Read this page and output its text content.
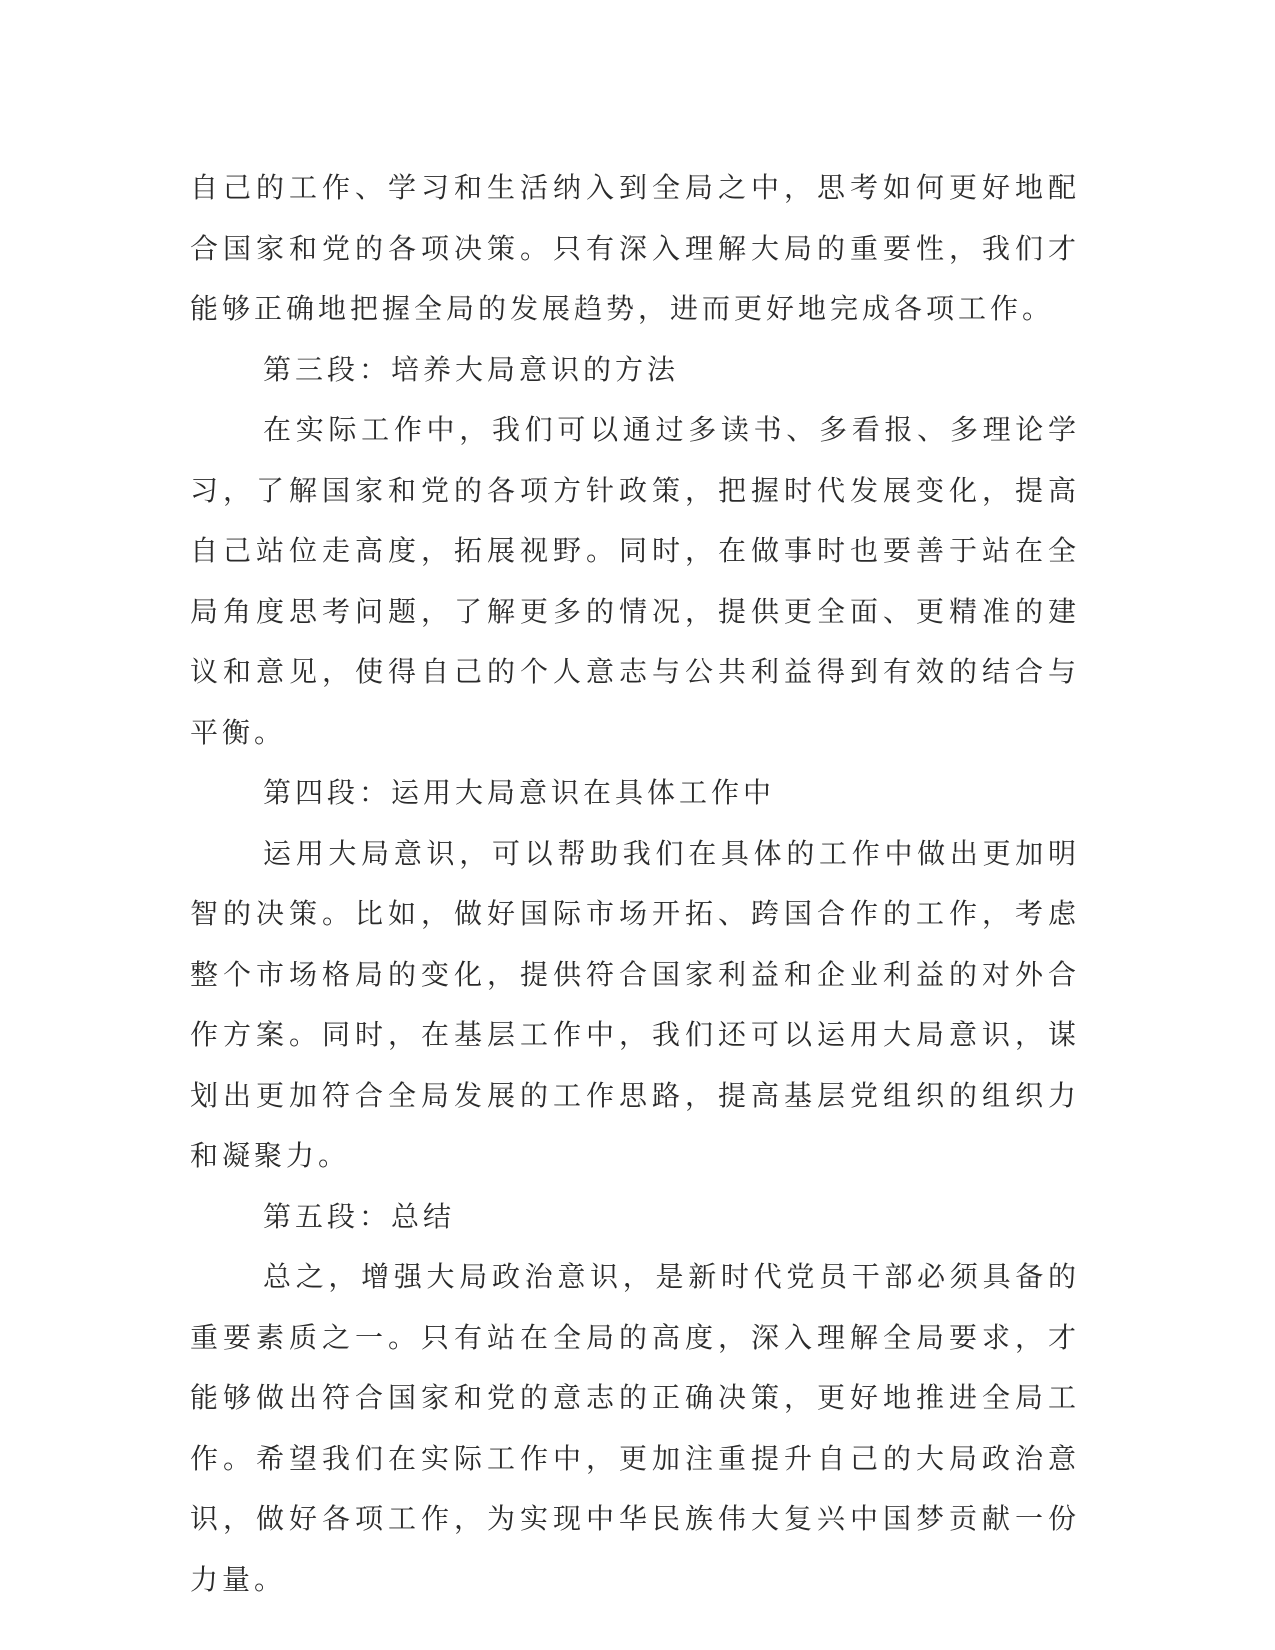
自己的工作、学习和生活纳入到全局之中，思考如何更好地配合国家和党的各项决策。只有深入理解大局的重要性，我们才能够正确地把握全局的发展趋势，进而更好地完成各项工作。

第三段：培养大局意识的方法

在实际工作中，我们可以通过多读书、多看报、多理论学习，了解国家和党的各项方针政策，把握时代发展变化，提高自己站位走高度，拓展视野。同时，在做事时也要善于站在全局角度思考问题，了解更多的情况，提供更全面、更精准的建议和意见，使得自己的个人意志与公共利益得到有效的结合与平衡。

第四段：运用大局意识在具体工作中

运用大局意识，可以帮助我们在具体的工作中做出更加明智的决策。比如，做好国际市场开拓、跨国合作的工作，考虑整个市场格局的变化，提供符合国家利益和企业利益的对外合作方案。同时，在基层工作中，我们还可以运用大局意识，谋划出更加符合全局发展的工作思路，提高基层党组织的组织力和凝聚力。

第五段：总结

总之，增强大局政治意识，是新时代党员干部必须具备的重要素质之一。只有站在全局的高度，深入理解全局要求，才能够做出符合国家和党的意志的正确决策，更好地推进全局工作。希望我们在实际工作中，更加注重提升自己的大局政治意识，做好各项工作，为实现中华民族伟大复兴中国梦贡献一份力量。
